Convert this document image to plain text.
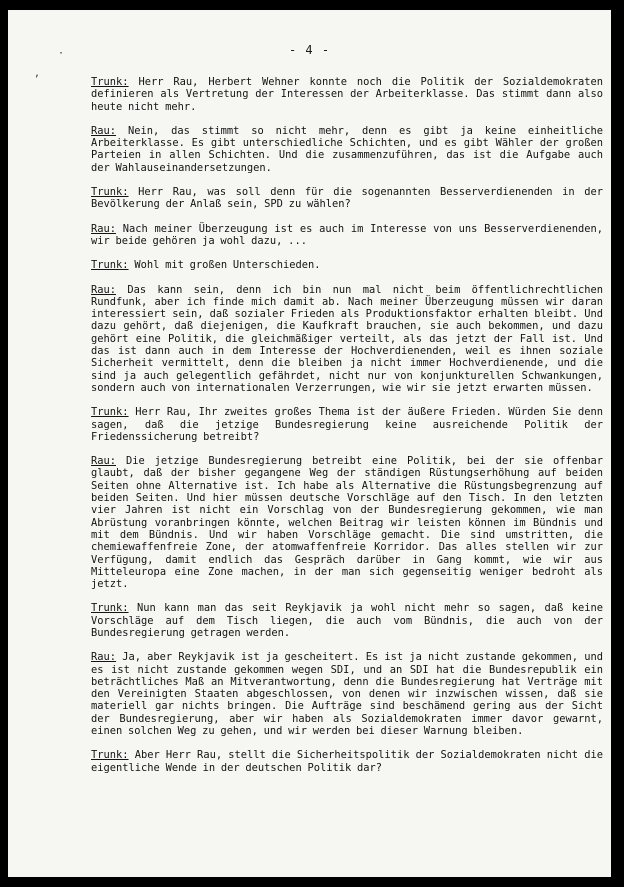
- 4 -
·
,

Trunk: Herr Rau, Herbert Wehner konnte noch die Politik der Sozialdemokraten definieren als Vertretung der Interessen der Arbeiterklasse. Das stimmt dann also heute nicht mehr.

Rau: Nein, das stimmt so nicht mehr, denn es gibt ja keine einheitliche Arbeiterklasse. Es gibt unterschiedliche Schichten, und es gibt Wähler der großen Parteien in allen Schichten. Und die zusammenzuführen, das ist die Aufgabe auch der Wahlauseinandersetzungen.

Trunk: Herr Rau, was soll denn für die sogenannten Besserverdienenden in der Bevölkerung der Anlaß sein, SPD zu wählen?

Rau: Nach meiner Überzeugung ist es auch im Interesse von uns Besserverdienenden, wir beide gehören ja wohl dazu, ...

Trunk: Wohl mit großen Unterschieden.

Rau: Das kann sein, denn ich bin nun mal nicht beim öffentlichrechtlichen Rundfunk, aber ich finde mich damit ab. Nach meiner Überzeugung müssen wir daran interessiert sein, daß sozialer Frieden als Produktionsfaktor erhalten bleibt. Und dazu gehört, daß diejenigen, die Kaufkraft brauchen, sie auch bekommen, und dazu gehört eine Politik, die gleichmäßiger verteilt, als das jetzt der Fall ist. Und das ist dann auch in dem Interesse der Hochverdienenden, weil es ihnen soziale Sicherheit vermittelt, denn die bleiben ja nicht immer Hochverdienende, und die sind ja auch gelegentlich gefährdet, nicht nur von konjunkturellen Schwankungen, sondern auch von internationalen Verzerrungen, wie wir sie jetzt erwarten müssen.

Trunk: Herr Rau, Ihr zweites großes Thema ist der äußere Frieden. Würden Sie denn sagen, daß die jetzige Bundesregierung keine ausreichende Politik der Friedenssicherung betreibt?

Rau: Die jetzige Bundesregierung betreibt eine Politik, bei der sie offenbar glaubt, daß der bisher gegangene Weg der ständigen Rüstungserhöhung auf beiden Seiten ohne Alternative ist. Ich habe als Alternative die Rüstungsbegrenzung auf beiden Seiten. Und hier müssen deutsche Vorschläge auf den Tisch. In den letzten vier Jahren ist nicht ein Vorschlag von der Bundesregierung gekommen, wie man Abrüstung voranbringen könnte, welchen Beitrag wir leisten können im Bündnis und mit dem Bündnis. Und wir haben Vorschläge gemacht. Die sind umstritten, die chemiewaffenfreie Zone, der atomwaffenfreie Korridor. Das alles stellen wir zur Verfügung, damit endlich das Gespräch darüber in Gang kommt, wie wir aus Mitteleuropa eine Zone machen, in der man sich gegenseitig weniger bedroht als jetzt.

Trunk: Nun kann man das seit Reykjavik ja wohl nicht mehr so sagen, daß keine Vorschläge auf dem Tisch liegen, die auch vom Bündnis, die auch von der Bundesregierung getragen werden.

Rau: Ja, aber Reykjavik ist ja gescheitert. Es ist ja nicht zustande gekommen, und es ist nicht zustande gekommen wegen SDI, und an SDI hat die Bundesrepublik ein beträchtliches Maß an Mitverantwortung, denn die Bundesregierung hat Verträge mit den Vereinigten Staaten abgeschlossen, von denen wir inzwischen wissen, daß sie materiell gar nichts bringen. Die Aufträge sind beschämend gering aus der Sicht der Bundesregierung, aber wir haben als Sozialdemokraten immer davor gewarnt, einen solchen Weg zu gehen, und wir werden bei dieser Warnung bleiben.

Trunk: Aber Herr Rau, stellt die Sicherheitspolitik der Sozialdemokraten nicht die eigentliche Wende in der deutschen Politik dar?
